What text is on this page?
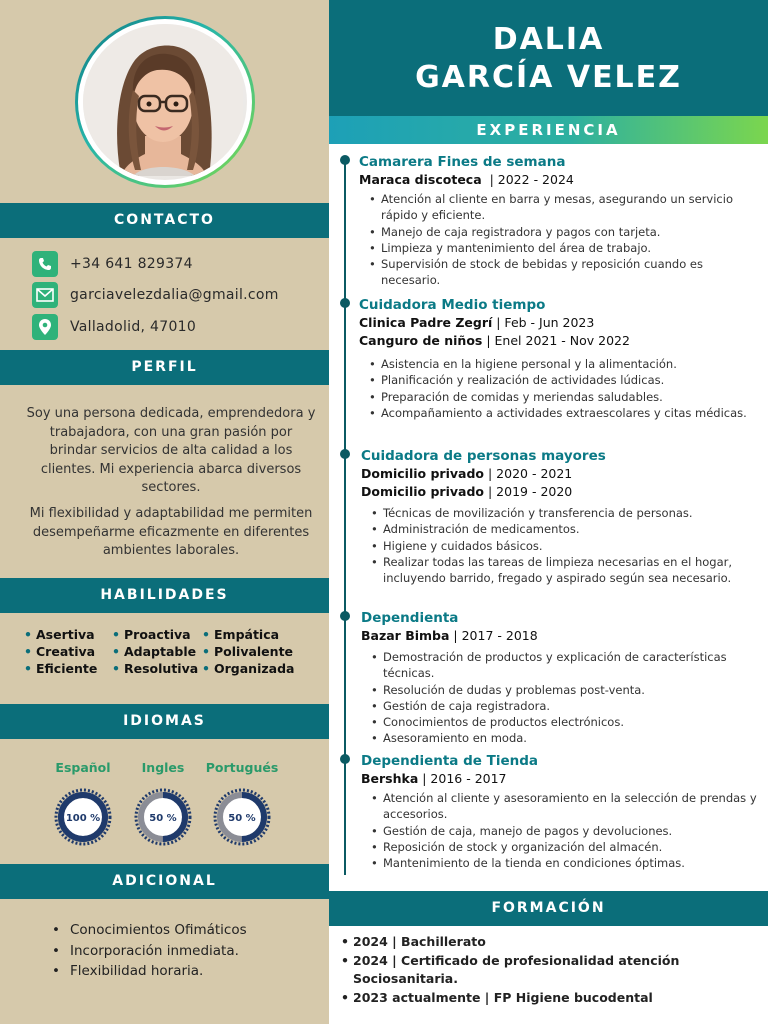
CONTACTO
+34 641 829374
garciavelezdalia@gmail.com
Valladolid, 47010
PERFIL

Soy una persona dedicada, emprendedora y trabajadora, con una gran pasión por brindar servicios de alta calidad a los clientes. Mi experiencia abarca diversos sectores.

Mi flexibilidad y adaptabilidad me permiten desempeñarme eficazmente en diferentes ambientes laborales.

HABILIDADES
• Asertiva	• Proactiva • Empática
• Creativa	• Adaptable • Polivalente
• Eficiente	• Resolutiva • Organizada
IDIOMAS
Español
100 %
Ingles
50 %
Portugués
50 %
ADICIONAL
• Conocimientos Ofimáticos
• Incorporación inmediata.
• Flexibilidad horaria.
DALIA
GARCÍA VELEZ
EXPERIENCIA
Camarera Fines de semana
Maraca discoteca | 2022 - 2024
• Atención al cliente en barra y mesas, asegurando un servicio rápido y eficiente.
• Manejo de caja registradora y pagos con tarjeta.
• Limpieza y mantenimiento del área de trabajo.
• Supervisión de stock de bebidas y reposición cuando es necesario.
Cuidadora Medio tiempo
Clinica Padre Zegrí | Feb - Jun 2023
Canguro de niños | Enel 2021 - Nov 2022
• Asistencia en la higiene personal y la alimentación.
• Planificación y realización de actividades lúdicas.
• Preparación de comidas y meriendas saludables.
• Acompañamiento a actividades extraescolares y citas médicas.
Cuidadora de personas mayores
Domicilio privado | 2020 - 2021
Domicilio privado | 2019 - 2020
• Técnicas de movilización y transferencia de personas.
• Administración de medicamentos.
• Higiene y cuidados básicos.
• Realizar todas las tareas de limpieza necesarias en el hogar, incluyendo barrido, fregado y aspirado según sea necesario.
Dependienta
Bazar Bimba | 2017 - 2018
• Demostración de productos y explicación de características técnicas.
• Resolución de dudas y problemas post-venta.
• Gestión de caja registradora.
• Conocimientos de productos electrónicos.
• Asesoramiento en moda.
Dependienta de Tienda
Bershka | 2016 - 2017
• Atención al cliente y asesoramiento en la selección de prendas y accesorios.
• Gestión de caja, manejo de pagos y devoluciones.
• Reposición de stock y organización del almacén.
• Mantenimiento de la tienda en condiciones óptimas.
FORMACIÓN
• 2024 | Bachillerato
• 2024 | Certificado de profesionalidad atención Sociosanitaria.
• 2023 actualmente | FP Higiene bucodental
